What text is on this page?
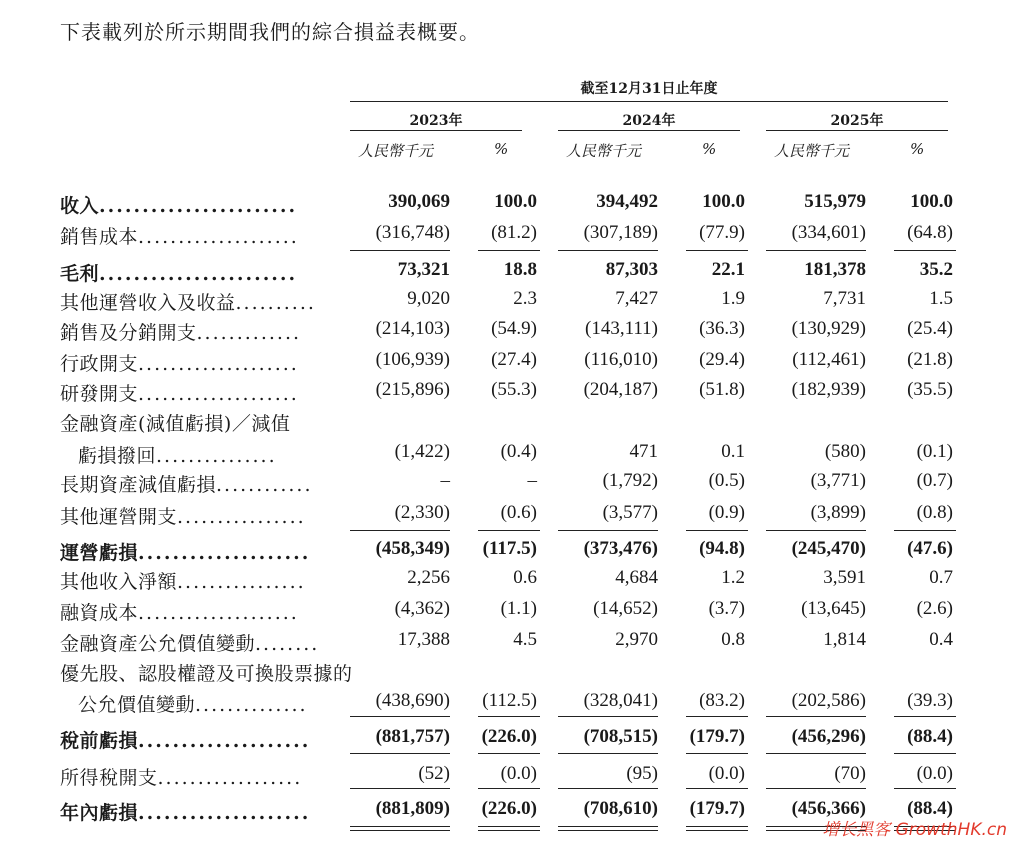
下表載列於所示期間我們的綜合損益表概要。
截至12月31日止年度
2023年	2024年	2025年
人民幣千元	%	人民幣千元	%	人民幣千元	%
收入.......................	390,069	100.0	394,492	100.0	515,979	100.0
銷售成本....................	(316,748)	(81.2)	(307,189)	(77.9)	(334,601)	(64.8)
毛利.......................	73,321	18.8	87,303	22.1	181,378	35.2
其他運營收入及收益..........	9,020	2.3	7,427	1.9	7,731	1.5
銷售及分銷開支.............	(214,103)	(54.9)	(143,111)	(36.3)	(130,929)	(25.4)
行政開支....................	(106,939)	(27.4)	(116,010)	(29.4)	(112,461)	(21.8)
研發開支....................	(215,896)	(55.3)	(204,187)	(51.8)	(182,939)	(35.5)
金融資產(減值虧損)／減值
虧損撥回...............	(1,422)	(0.4)	471	0.1	(580)	(0.1)
長期資產減值虧損............	–	–	(1,792)	(0.5)	(3,771)	(0.7)
其他運營開支................	(2,330)	(0.6)	(3,577)	(0.9)	(3,899)	(0.8)
運營虧損....................	(458,349)	(117.5)	(373,476)	(94.8)	(245,470)	(47.6)
其他收入淨額................	2,256	0.6	4,684	1.2	3,591	0.7
融資成本....................	(4,362)	(1.1)	(14,652)	(3.7)	(13,645)	(2.6)
金融資產公允價值變動........	17,388	4.5	2,970	0.8	1,814	0.4
優先股、認股權證及可換股票據的
公允價值變動..............	(438,690)	(112.5)	(328,041)	(83.2)	(202,586)	(39.3)
稅前虧損....................	(881,757)	(226.0)	(708,515)	(179.7)	(456,296)	(88.4)
所得稅開支..................	(52)	(0.0)	(95)	(0.0)	(70)	(0.0)
年內虧損....................	(881,809)	(226.0)	(708,610)	(179.7)	(456,366)	(88.4)
增长黑客 GrowthHK.cn
